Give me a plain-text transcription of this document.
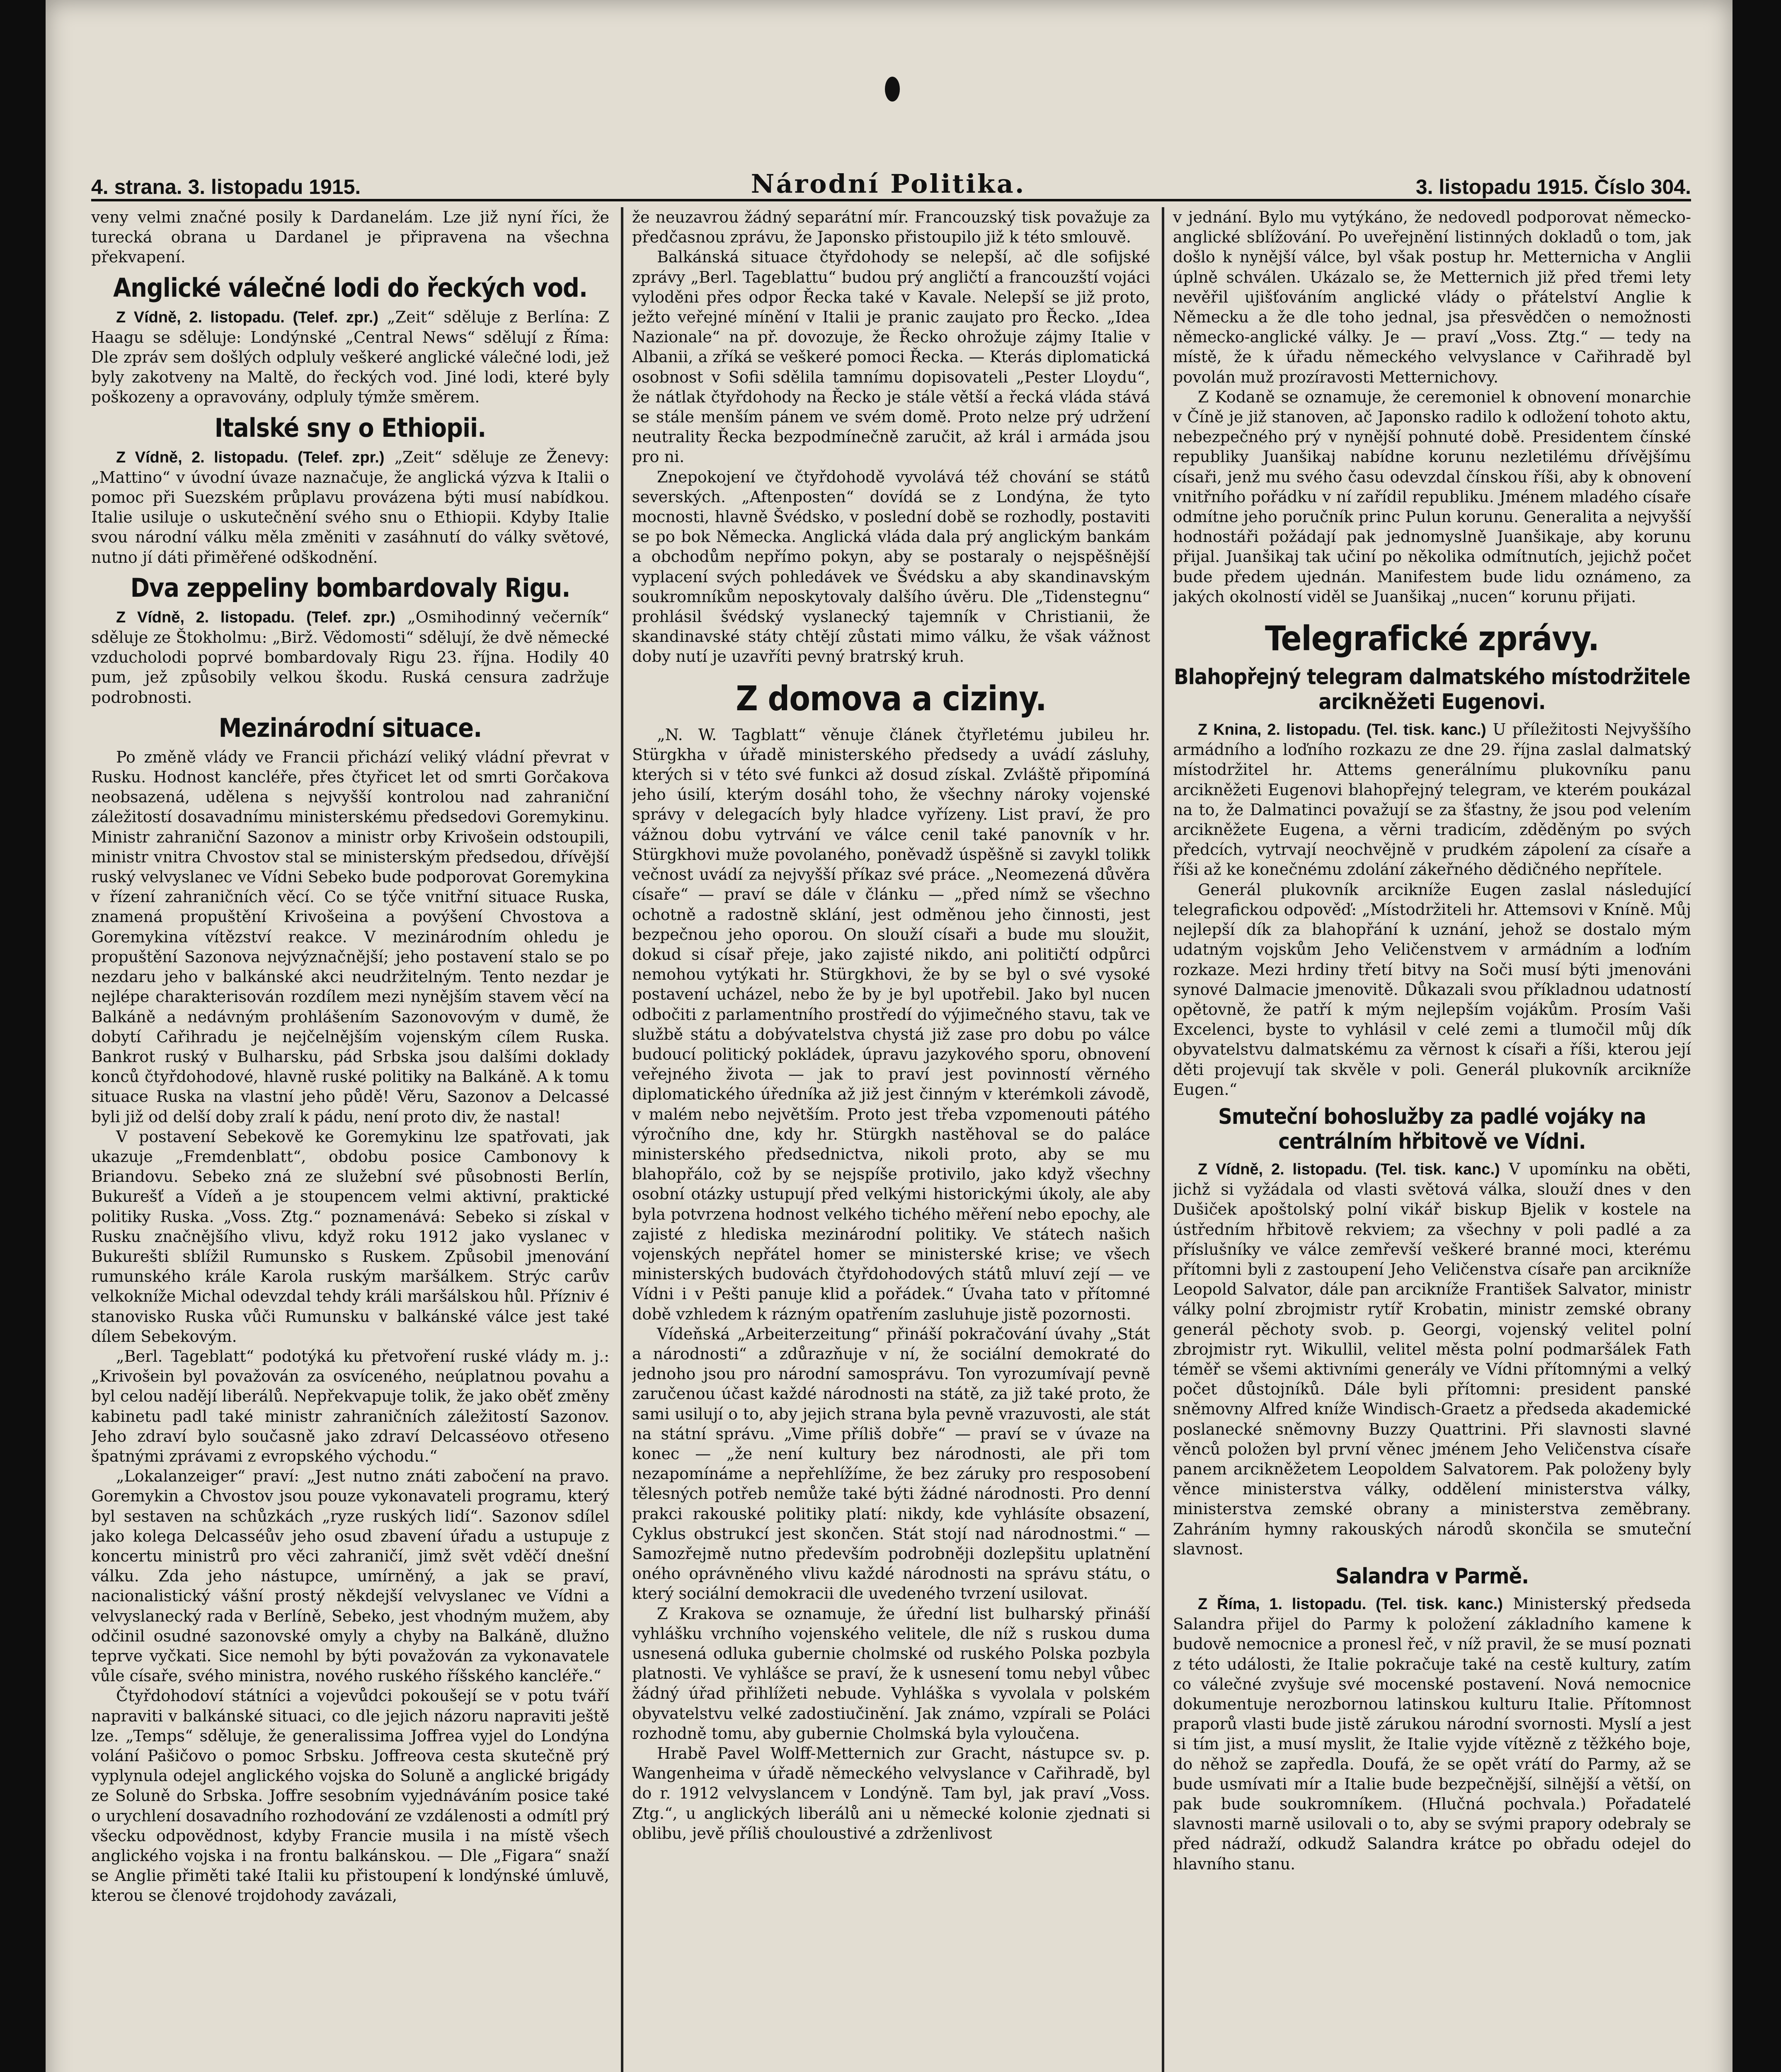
4. strana. 3. listopadu 1915.	Národní Politika.	3. listopadu 1915. Číslo 304.

veny velmi značné posily k Dardanelám. Lze již nyní říci, že turecká obrana u Dardanel je připravena na všechna překvapení.

Anglické válečné lodi do řeckých vod.

Z Vídně, 2. listopadu. (Telef. zpr.) „Zeit“ sděluje z Berlína: Z Haagu se sděluje: Londýnské „Central News“ sdělují z Říma: Dle zpráv sem došlých odpluly veškeré anglické válečné lodi, jež byly zakotveny na Maltě, do řeckých vod. Jiné lodi, které byly poškozeny a opravovány, odpluly týmže směrem.

Italské sny o Ethiopii.

Z Vídně, 2. listopadu. (Telef. zpr.) „Zeit“ sděluje ze Ženevy: „Mattino“ v úvodní úvaze naznačuje, že anglická výzva k Italii o pomoc při Suezském průplavu provázena býti musí nabídkou. Italie usiluje o uskutečnění svého snu o Ethiopii. Kdyby Italie svou národní válku měla změniti v zasáhnutí do války světové, nutno jí dáti přiměřené odškodnění.

Dva zeppeliny bombardovaly Rigu.

Z Vídně, 2. listopadu. (Telef. zpr.) „Osmihodinný večerník“ sděluje ze Štokholmu: „Birž. Vědomosti“ sdělují, že dvě německé vzducholodi poprvé bombardovaly Rigu 23. října. Hodily 40 pum, jež způsobily velkou škodu. Ruská censura zadržuje podrobnosti.

Mezinárodní situace.

Po změně vlády ve Francii přichází veliký vládní převrat v Rusku. Hodnost kancléře, přes čtyřicet let od smrti Gorčakova neobsazená, udělena s nejvyšší kontrolou nad zahraniční záležitostí dosavadnímu ministerskému předsedovi Goremykinu. Ministr zahraniční Sazonov a ministr orby Krivošein odstoupili, ministr vnitra Chvostov stal se ministerským předsedou, dřívější ruský velvyslanec ve Vídni Sebeko bude podporovat Goremykina v řízení zahraničních věcí. Co se týče vnitřní situace Ruska, znamená propuštění Krivošeina a povýšení Chvostova a Goremykina vítězství reakce. V mezinárodním ohledu je propuštění Sazonova nejvýznačnější; jeho postavení stalo se po nezdaru jeho v balkánské akci neudržitelným. Tento nezdar je nejlépe charakterisován rozdílem mezi nynějším stavem věcí na Balkáně a nedávným prohlášením Sazonovovým v dumě, že dobytí Cařihradu je nejčelnějším vojenským cílem Ruska. Bankrot ruský v Bulharsku, pád Srbska jsou dalšími doklady konců čtyřdohodové, hlavně ruské politiky na Balkáně. A k tomu situace Ruska na vlastní jeho půdě! Věru, Sazonov a Delcassé byli již od delší doby zralí k pádu, není proto div, že nastal!

V postavení Sebekově ke Goremykinu lze spatřovati, jak ukazuje „Fremdenblatt“, obdobu posice Cambonovy k Briandovu. Sebeko zná ze služební své působnosti Berlín, Bukurešť a Vídeň a je stoupencem velmi aktivní, praktické politiky Ruska. „Voss. Ztg.“ poznamenává: Sebeko si získal v Rusku značnějšího vlivu, když roku 1912 jako vyslanec v Bukurešti sblížil Rumunsko s Ruskem. Způsobil jmenování rumunského krále Karola ruským maršálkem. Strýc carův velkokníže Michal odevzdal tehdy králi maršálskou hůl. Přízniv é stanovisko Ruska vůči Rumunsku v balkánské válce jest také dílem Sebekovým.

„Berl. Tageblatt“ podotýká ku přetvoření ruské vlády m. j.: „Krivošein byl považován za osvíceného, neúplatnou povahu a byl celou nadějí liberálů. Nepřekvapuje tolik, že jako oběť změny kabinetu padl také ministr zahraničních záležitostí Sazonov. Jeho zdraví bylo současně jako zdraví Delcasséovo otřeseno špatnými zprávami z evropského východu.“

„Lokalanzeiger“ praví: „Jest nutno znáti zabočení na pravo. Goremykin a Chvostov jsou pouze vykonavateli programu, který byl sestaven na schůzkách „ryze ruských lidí“. Sazonov sdílel jako kolega Delcasséův jeho osud zbavení úřadu a ustupuje z koncertu ministrů pro věci zahraničí, jimž svět vděčí dnešní válku. Zda jeho nástupce, umírněný, a jak se praví, nacionalistický vášní prostý někdejší velvyslanec ve Vídni a velvyslanecký rada v Berlíně, Sebeko, jest vhodným mužem, aby odčinil osudné sazonovské omyly a chyby na Balkáně, dlužno teprve vyčkati. Sice nemohl by býti považován za vykonavatele vůle císaře, svého ministra, nového ruského říšského kancléře.“

Čtyřdohodoví státníci a vojevůdci pokoušejí se v potu tváří napraviti v balkánské situaci, co dle jejich názoru napraviti ještě lze. „Temps“ sděluje, že generalissima Joffrea vyjel do Londýna volání Pašičovo o pomoc Srbsku. Joffreova cesta skutečně prý vyplynula odejel anglického vojska do Soluně a anglické brigády ze Soluně do Srbska. Joffre sesobním vyjednáváním posice také o urychlení dosavadního rozhodování ze vzdálenosti a odmítl prý všecku odpovědnost, kdyby Francie musila i na místě všech anglického vojska i na frontu balkánskou. — Dle „Figara“ snaží se Anglie přiměti také Italii ku přistoupení k londýnské úmluvě, kterou se členové trojdohody zavázali,

že neuzavrou žádný separátní mír. Francouzský tisk považuje za předčasnou zprávu, že Japonsko přistoupilo již k této smlouvě.

Balkánská situace čtyřdohody se nelepší, ač dle sofijské zprávy „Berl. Tageblattu“ budou prý angličtí a francouzští vojáci vyloděni přes odpor Řecka také v Kavale. Nelepší se již proto, ježto veřejné mínění v Italii je pranic zaujato pro Řecko. „Idea Nazionale“ na př. dovozuje, že Řecko ohrožuje zájmy Italie v Albanii, a zříká se veškeré pomoci Řecka. — Kterás diplomatická osobnost v Sofii sdělila tamnímu dopisovateli „Pester Lloydu“, že nátlak čtyřdohody na Řecko je stále větší a řecká vláda stává se stále menším pánem ve svém domě. Proto nelze prý udržení neutrality Řecka bezpodmínečně zaručit, až král i armáda jsou pro ni.

Znepokojení ve čtyřdohodě vyvolává též chování se států severských. „Aftenposten“ dovídá se z Londýna, že tyto mocnosti, hlavně Švédsko, v poslední době se rozhodly, postaviti se po bok Německa. Anglická vláda dala prý anglickým bankám a obchodům nepřímo pokyn, aby se postaraly o nejspěšnější vyplacení svých pohledávek ve Švédsku a aby skandinavským soukromníkům neposkytovaly dalšího úvěru. Dle „Tidenstegnu“ prohlásil švédský vyslanecký tajemník v Christianii, že skandinavské státy chtějí zůstati mimo válku, že však vážnost doby nutí je uzavříti pevný bratrský kruh.

Z domova a ciziny.

„N. W. Tagblatt“ věnuje článek čtyřletému jubileu hr. Stürgkha v úřadě ministerského předsedy a uvádí zásluhy, kterých si v této své funkci až dosud získal. Zvláště připomíná jeho úsilí, kterým dosáhl toho, že všechny nároky vojenské správy v delegacích byly hladce vyřízeny. List praví, že pro vážnou dobu vytrvání ve válce cenil také panovník v hr. Stürgkhovi muže povolaného, poněvadž úspěšně si zavykl tolikk večnost uvádí za nejvyšší příkaz své práce. „Neomezená důvěra císaře“ — praví se dále v článku — „před nímž se všechno ochotně a radostně sklání, jest odměnou jeho činnosti, jest bezpečnou jeho oporou. On slouží císaři a bude mu sloužit, dokud si císař přeje, jako zajisté nikdo, ani političtí odpůrci nemohou vytýkati hr. Stürgkhovi, že by se byl o své vysoké postavení ucházel, nebo že by je byl upotřebil. Jako byl nucen odbočiti z parlamentního prostředí do výjimečného stavu, tak ve službě státu a dobývatelstva chystá již zase pro dobu po válce budoucí politický pokládek, úpravu jazykového sporu, obnovení veřejného života — jak to praví jest povinností věrného diplomatického úředníka až již jest činným v kterémkoli závodě, v malém nebo největším. Proto jest třeba vzpomenouti pátého výročního dne, kdy hr. Stürgkh nastěhoval se do paláce ministerského předsednictva, nikoli proto, aby se mu blahopřálo, což by se nejspíše protivilo, jako když všechny osobní otázky ustupují před velkými historickými úkoly, ale aby byla potvrzena hodnost velkého tichého měření nebo epochy, ale zajisté z hlediska mezinárodní politiky. Ve státech našich vojenských nepřátel homer se ministerské krise; ve všech ministerských budovách čtyřdohodových států mluví zejí — ve Vídni i v Pešti panuje klid a pořádek.“ Úvaha tato v přítomné době vzhledem k rázným opatřením zasluhuje jistě pozornosti.

Vídeňská „Arbeiterzeitung“ přináší pokračování úvahy „Stát a národnosti“ a zdůrazňuje v ní, že sociální demokraté do jednoho jsou pro národní samosprávu. Ton vyrozumívají pevně zaručenou účast každé národnosti na státě, za již také proto, že sami usilují o to, aby jejich strana byla pevně vrazuvosti, ale stát na státní správu. „Vime příliš dobře“ — praví se v úvaze na konec — „že není kultury bez národnosti, ale při tom nezapomínáme a nepřehlížíme, že bez záruky pro resposobení tělesných potřeb nemůže také býti žádné národnosti. Pro denní prakci rakouské politiky platí: nikdy, kde vyhlásíte obsazení, Cyklus obstrukcí jest skončen. Stát stojí nad národnostmi.“ — Samozřejmě nutno především podrobněji dozlepšitu uplatnění oného oprávněného vlivu každé národnosti na správu státu, o který sociální demokracii dle uvedeného tvrzení usilovat.

Z Krakova se oznamuje, že úřední list bulharský přináší vyhlášku vrchního vojenského velitele, dle níž s ruskou duma usnesená odluka gubernie cholmské od ruského Polska pozbyla platnosti. Ve vyhlášce se praví, že k usnesení tomu nebyl vůbec žádný úřad přihlížeti nebude. Vyhláška s vyvolala v polském obyvatelstvu velké zadostiučinění. Jak známo, vzpírali se Poláci rozhodně tomu, aby gubernie Cholmská byla vyloučena.

Hrabě Pavel Wolff-Metternich zur Gracht, nástupce sv. p. Wangenheima v úřadě německého velvyslance v Cařihradě, byl do r. 1912 velvyslancem v Londýně. Tam byl, jak praví „Voss. Ztg.“, u anglických liberálů ani u německé kolonie zjednati si oblibu, jevě příliš chouloustivé a zdrženlivost

v jednání. Bylo mu vytýkáno, že nedovedl podporovat německo-anglické sblížování. Po uveřejnění listinných dokladů o tom, jak došlo k nynější válce, byl však postup hr. Metternicha v Anglii úplně schválen. Ukázalo se, že Metternich již před třemi lety nevěřil ujišťováním anglické vlády o přátelství Anglie k Německu a že dle toho jednal, jsa přesvědčen o nemožnosti německo-anglické války. Je — praví „Voss. Ztg.“ — tedy na místě, že k úřadu německého velvyslance v Cařihradě byl povolán muž prozíravosti Metternichovy.

Z Kodaně se oznamuje, že ceremoniel k obnovení monarchie v Číně je již stanoven, ač Japonsko radilo k odložení tohoto aktu, nebezpečného prý v nynější pohnuté době. Presidentem čínské republiky Juanšikaj nabídne korunu nezletilému dřívějšímu císaři, jenž mu svého času odevzdal čínskou říši, aby k obnovení vnitřního pořádku v ní zařídil republiku. Jménem mladého císaře odmítne jeho poručník princ Pulun korunu. Generalita a nejvyšší hodnostáři požádají pak jednomyslně Juanšikaje, aby korunu přijal. Juanšikaj tak učiní po několika odmítnutích, jejichž počet bude předem ujednán. Manifestem bude lidu oznámeno, za jakých okolností viděl se Juanšikaj „nucen“ korunu přijati.

Telegrafické zprávy.
Blahopřejný telegram dalmatského místodržitele arcikněžeti Eugenovi.

Z Knina, 2. listopadu. (Tel. tisk. kanc.) U příležitosti Nejvyššího armádního a loďního rozkazu ze dne 29. října zaslal dalmatský místodržitel hr. Attems generálnímu plukovníku panu arcikněžeti Eugenovi blahopřejný telegram, ve kterém poukázal na to, že Dalmatinci považují se za šťastny, že jsou pod velením arcikněžete Eugena, a věrni tradicím, zděděným po svých předcích, vytrvají neochvějně v prudkém zápolení za císaře a říši až ke konečnému zdolání zákeřného dědičného nepřítele.

Generál plukovník arcikníže Eugen zaslal následující telegrafickou odpověď: „Místodržiteli hr. Attemsovi v Kníně. Můj nejlepší dík za blahopřání k uznání, jehož se dostalo mým udatným vojskům Jeho Veličenstvem v armádním a loďním rozkaze. Mezi hrdiny třetí bitvy na Soči musí býti jmenováni synové Dalmacie jmenovitě. Důkazali svou příkladnou udatností opětovně, že patří k mým nejlepším vojákům. Prosím Vaši Excelenci, byste to vyhlásil v celé zemi a tlumočil můj dík obyvatelstvu dalmatskému za věrnost k císaři a říši, kterou její děti projevují tak skvěle v poli. Generál plukovník arcikníže Eugen.“

Smuteční bohoslužby za padlé vojáky na centrálním hřbitově ve Vídni.

Z Vídně, 2. listopadu. (Tel. tisk. kanc.) V upomínku na oběti, jichž si vyžádala od vlasti světová válka, slouží dnes v den Dušiček apoštolský polní vikář biskup Bjelik v kostele na ústředním hřbitově rekviem; za všechny v poli padlé a za příslušníky ve válce zemřevší veškeré branné moci, kterému přítomni byli z zastoupení Jeho Veličenstva císaře pan arcikníže Leopold Salvator, dále pan arcikníže František Salvator, ministr války polní zbrojmistr rytíř Krobatin, ministr zemské obrany generál pěchoty svob. p. Georgi, vojenský velitel polní zbrojmistr ryt. Wikullil, velitel města polní podmaršálek Fath téměř se všemi aktivními generály ve Vídni přítomnými a velký počet důstojníků. Dále byli přítomni: president panské sněmovny Alfred kníže Windisch-Graetz a předseda akademické poslanecké sněmovny Buzzy Quattrini. Při slavnosti slavné věnců položen byl první věnec jménem Jeho Veličenstva císaře panem arcikněžetem Leopoldem Salvatorem. Pak položeny byly věnce ministerstva války, oddělení ministerstva války, ministerstva zemské obrany a ministerstva zeměbrany. Zahráním hymny rakouských národů skončila se smuteční slavnost.

Salandra v Parmě.

Z Říma, 1. listopadu. (Tel. tisk. kanc.) Ministerský předseda Salandra přijel do Parmy k položení základního kamene k budově nemocnice a pronesl řeč, v níž pravil, že se musí poznati z této události, že Italie pokračuje také na cestě kultury, zatím co válečné zvyšuje své mocenské postavení. Nová nemocnice dokumentuje nerozbornou latinskou kulturu Italie. Přítomnost praporů vlasti bude jistě zárukou národní svornosti. Myslí a jest si tím jist, a musí myslit, že Italie vyjde vítězně z těžkého boje, do něhož se zapředla. Doufá, že se opět vrátí do Parmy, až se bude usmívati mír a Italie bude bezpečnější, silnější a větší, on pak bude soukromníkem. (Hlučná pochvala.) Pořadatelé slavnosti marně usilovali o to, aby se svými prapory odebraly se před nádraží, odkudž Salandra krátce po obřadu odejel do hlavního stanu.
